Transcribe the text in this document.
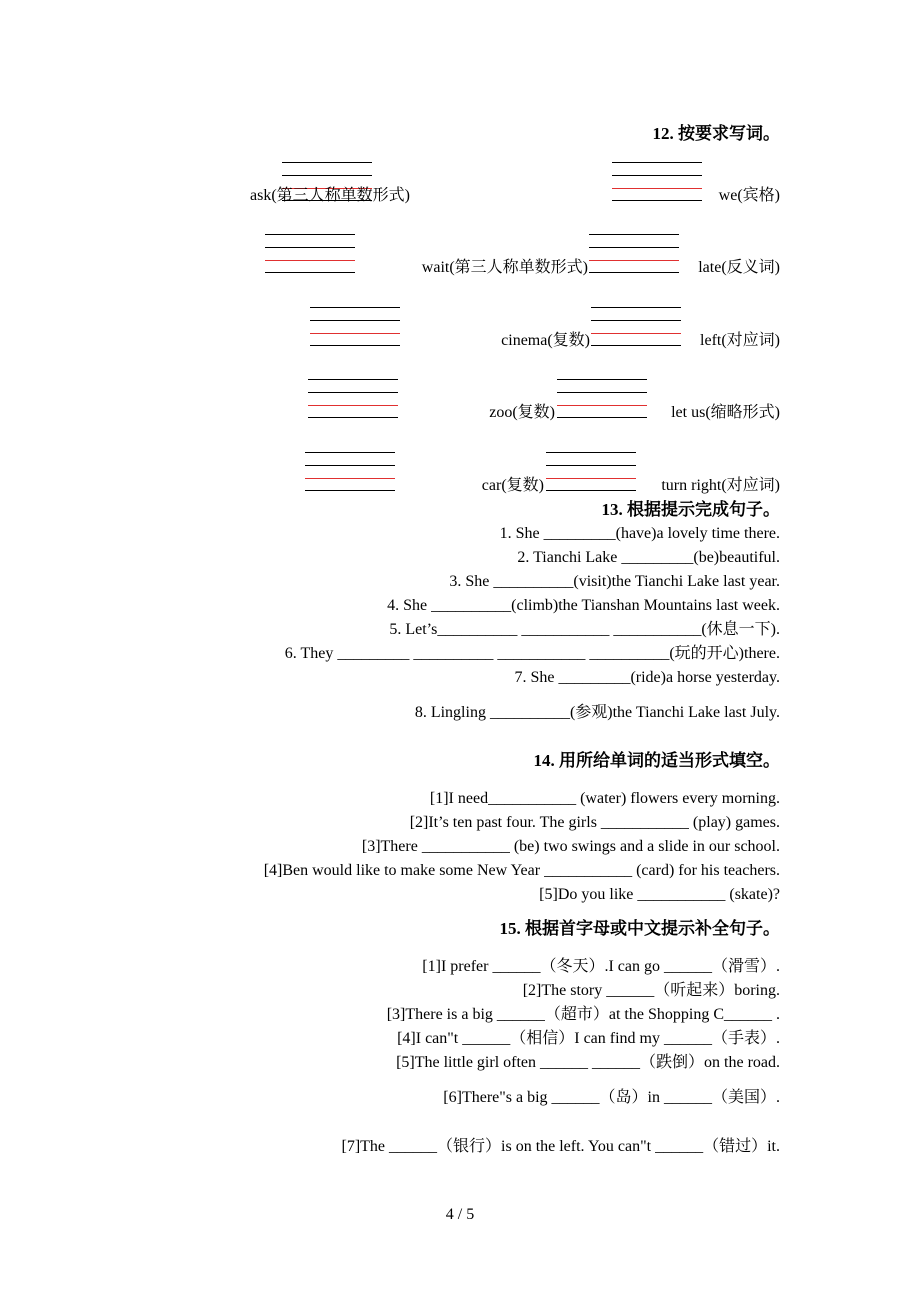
12. 按要求写词。
ask(第三人称单数形式)	we(宾格)
wait(第三人称单数形式)	late(反义词)
cinema(复数)	left(对应词)
zoo(复数)	let us(缩略形式)
car(复数)	turn right(对应词)
13. 根据提示完成句子。
1. She _________(have)a lovely time there.
2. Tianchi Lake _________(be)beautiful.
3. She __________(visit)the Tianchi Lake last year.
4. She __________(climb)the Tianshan Mountains last week.
5. Let’s__________ ___________ ___________(休息一下).
6. They _________ __________ ___________ __________(玩的开心)there.
7. She _________(ride)a horse yesterday.
8. Lingling __________(参观)the Tianchi Lake last July.
14. 用所给单词的适当形式填空。
[1]I need___________ (water) flowers every morning.
[2]It’s ten past four. The girls ___________ (play) games.
[3]There ___________ (be) two swings and a slide in our school.
[4]Ben would like to make some New Year ___________ (card) for his teachers.
[5]Do you like ___________ (skate)?
15. 根据首字母或中文提示补全句子。
[1]I prefer ______（冬天）.I can go ______（滑雪）.
[2]The story ______（听起来）boring.
[3]There is a big ______（超市）at the Shopping C______ .
[4]I can"t ______（相信）I can find my ______（手表）.
[5]The little girl often ______ ______（跌倒）on the road.
[6]There"s a big ______（岛）in ______（美国）.
[7]The ______（银行）is on the left. You can"t ______（错过）it.
4 / 5
